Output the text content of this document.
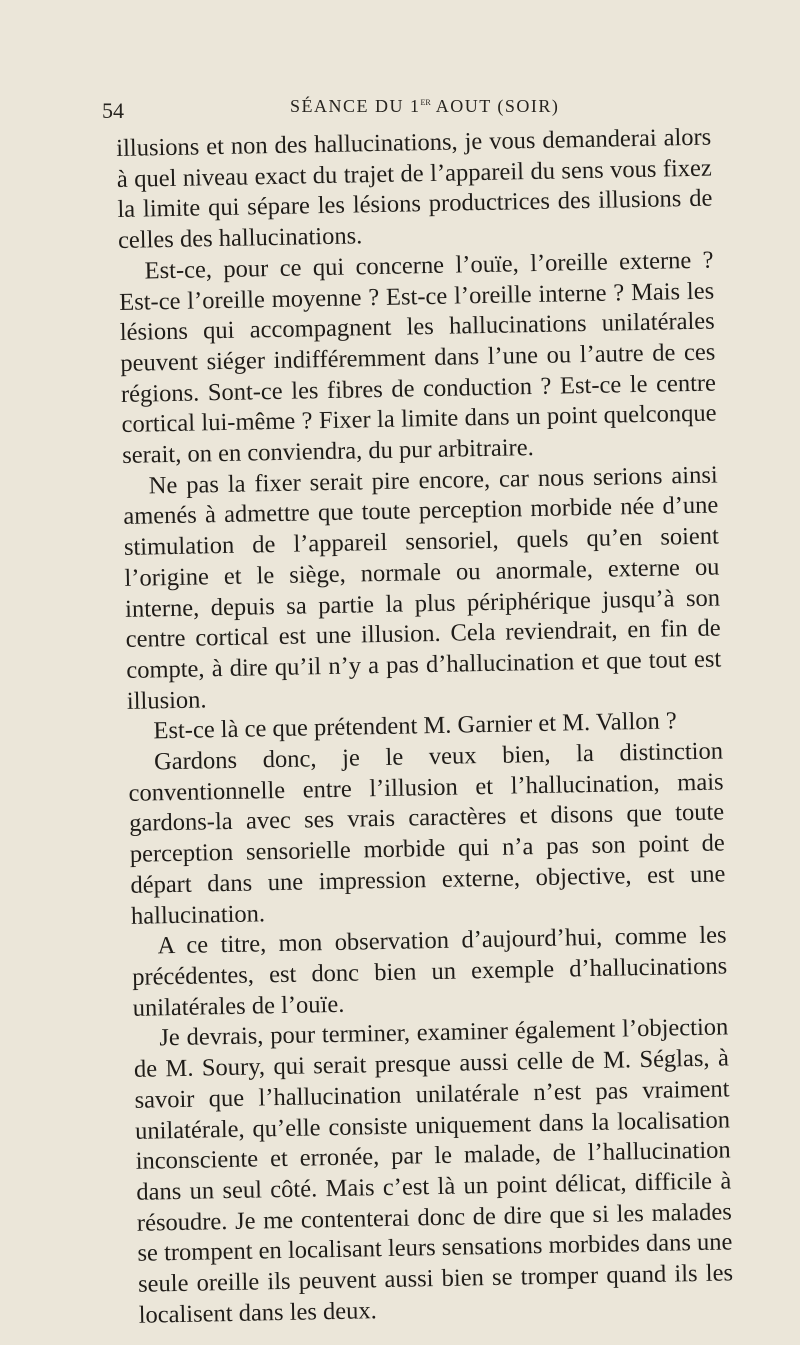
54	SÉANCE DU 1er AOUT (SOIR)

illusions et non des hallucinations, je vous demanderai alors à quel niveau exact du trajet de l’appareil du sens vous fixez la limite qui sépare les lésions productrices des illusions de celles des hallucinations.

Est-ce, pour ce qui concerne l’ouïe, l’oreille externe ? Est-ce l’oreille moyenne ? Est-ce l’oreille interne ? Mais les lésions qui accompagnent les hallucinations unilatérales peuvent siéger indifféremment dans l’une ou l’autre de ces régions. Sont-ce les fibres de conduction ? Est-ce le centre cortical lui-même ? Fixer la limite dans un point quelconque serait, on en conviendra, du pur arbitraire.

Ne pas la fixer serait pire encore, car nous serions ainsi amenés à admettre que toute perception morbide née d’une stimulation de l’appareil sensoriel, quels qu’en soient l’origine et le siège, normale ou anormale, externe ou interne, depuis sa partie la plus périphérique jusqu’à son centre cortical est une illusion. Cela reviendrait, en fin de compte, à dire qu’il n’y a pas d’hallucination et que tout est illusion.

Est-ce là ce que prétendent M. Garnier et M. Vallon ?

Gardons donc, je le veux bien, la distinction conventionnelle entre l’illusion et l’hallucination, mais gardons-la avec ses vrais caractères et disons que toute perception sensorielle morbide qui n’a pas son point de départ dans une impression externe, objective, est une hallucination.

A ce titre, mon observation d’aujourd’hui, comme les précédentes, est donc bien un exemple d’hallucinations unilatérales de l’ouïe.

Je devrais, pour terminer, examiner également l’objection de M. Soury, qui serait presque aussi celle de M. Séglas, à savoir que l’hallucination unilatérale n’est pas vraiment unilatérale, qu’elle consiste uniquement dans la localisation inconsciente et erronée, par le malade, de l’hallucination dans un seul côté. Mais c’est là un point délicat, difficile à résoudre. Je me contenterai donc de dire que si les malades se trompent en localisant leurs sensations morbides dans une seule oreille ils peuvent aussi bien se tromper quand ils les localisent dans les deux.
